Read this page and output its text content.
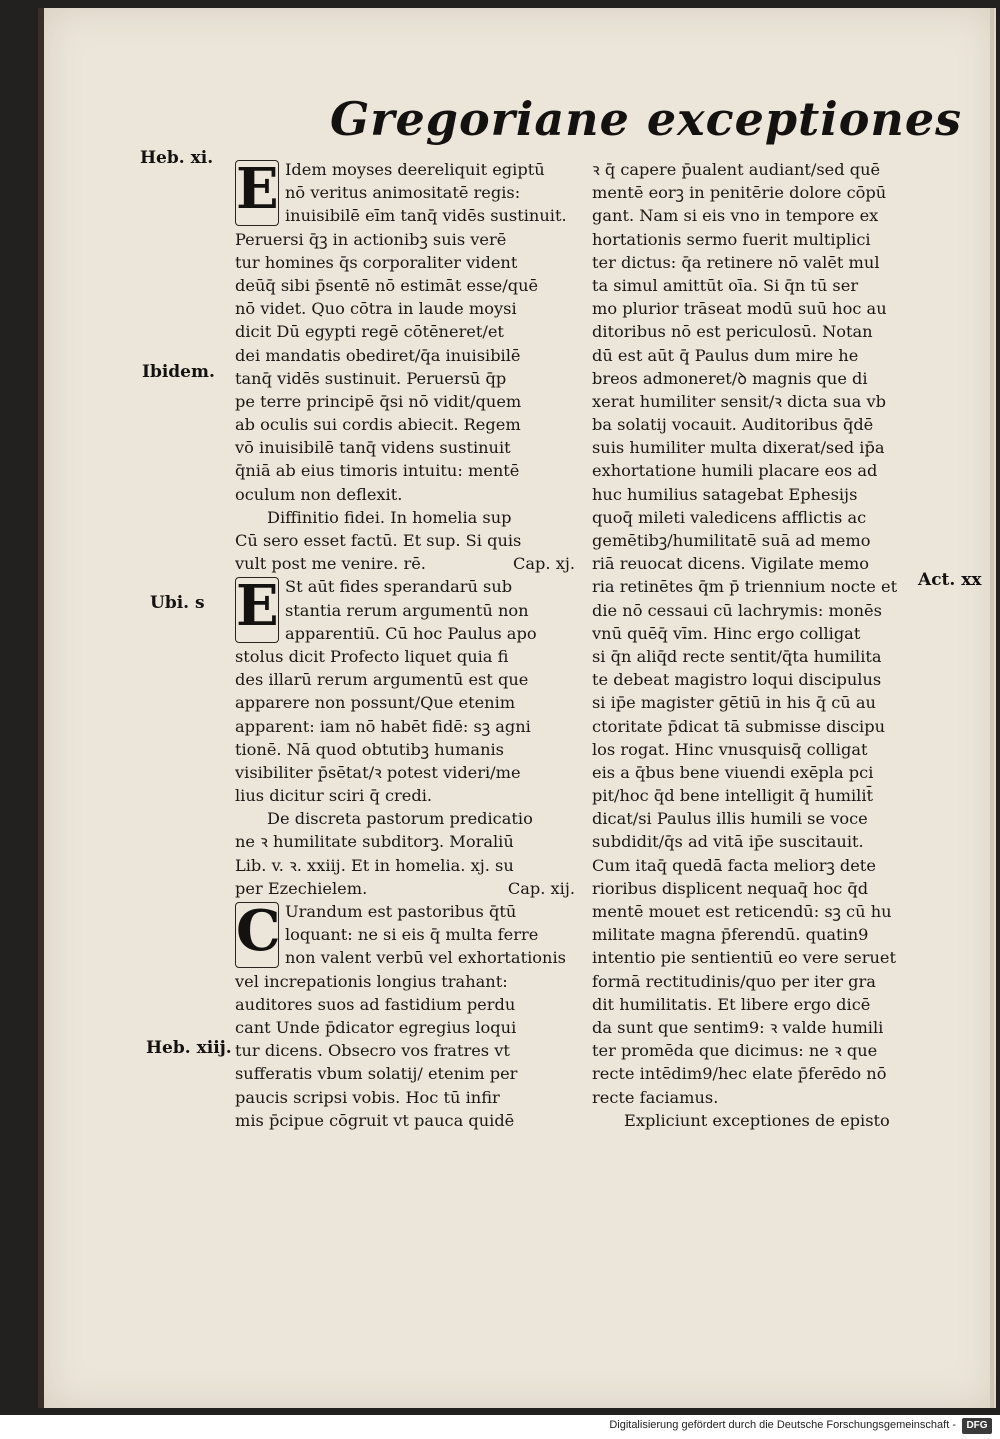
Gregoriane exceptiones
Heb. xi.
Ibidem.
Ubi. s
Heb. xiij.
Act. xx
E Idem moyses deereliquit egiptū
nō veritus animositatē regis:
inuisibilē eīm tanq̄ vidēs sustinuit.
Peruersi q̄ꝫ in actionibꝫ suis verē
tur homines q̄s corporaliter vident
deūq̄ sibi p̄sentē nō estimāt esse/quē
nō videt. Quo cōtra in laude moysi
dicit Dū egypti regē cōtēneret/et
dei mandatis obediret/q̄a inuisibilē
tanq̄ vidēs sustinuit. Peruersū q̄p
pe terre principē q̄si nō vidit/quem
ab oculis sui cordis abiecit. Regem
vō inuisibilē tanq̄ videns sustinuit
q̄niā ab eius timoris intuitu: mentē
oculum non deflexit.
Diffinitio fidei. In homelia sup
Cū sero esset factū. Et sup. Si quis
vult post me venire. rē.	Cap. xj.
E St aūt fides sperandarū sub
stantia rerum argumentū non
apparentiū. Cū hoc Paulus apo
stolus dicit Profecto liquet quia fi
des illarū rerum argumentū est que
apparere non possunt/Que etenim
apparent: iam nō habēt fidē: sꝫ agni
tionē. Nā quod obtutibꝫ humanis
visibiliter p̄sētat/ꝛ potest videri/me
lius dicitur sciri q̄ credi.
De discreta pastorum predicatio
ne ꝛ humilitate subditorꝫ. Moraliū
Lib. v. ꝛ. xxiij. Et in homelia. xj. su
per Ezechielem.	Cap. xij.
C Urandum est pastoribus q̄tū
loquant: ne si eis q̄ multa ferre
non valent verbū vel exhortationis
vel increpationis longius trahant:
auditores suos ad fastidium perdu
cant Unde p̄dicator egregius loqui
tur dicens. Obsecro vos fratres vt
sufferatis vbum solatij/ etenim per
paucis scripsi vobis. Hoc tū infir
mis p̄cipue cōgruit vt pauca quidē
ꝛ q̄ capere p̄ualent audiant/sed quē
mentē eorꝫ in penitērie dolore cōpū
gant. Nam si eis vno in tempore ex
hortationis sermo fuerit multiplici
ter dictus: q̄a retinere nō valēt mul
ta simul amittūt oīa. Si q̄n tū ser
mo plurior trāseat modū suū hoc au
ditoribus nō est periculosū. Notan
dū est aūt q̄ Paulus dum mire he
breos admoneret/ꝺ magnis que di
xerat humiliter sensit/ꝛ dicta sua vb
ba solatij vocauit. Auditoribus q̄dē
suis humiliter multa dixerat/sed ip̄a
exhortatione humili placare eos ad
huc humilius satagebat Ephesijs
quoq̄ mileti valedicens afflictis ac
gemētibꝫ/humilitatē suā ad memo
riā reuocat dicens. Vigilate memo
ria retinētes q̄m p̄ triennium nocte et
die nō cessaui cū lachrymis: monēs
vnū quēq̄ vīm. Hinc ergo colligat
si q̄n aliq̄d recte sentit/q̄ta humilita
te debeat magistro loqui discipulus
si ip̄e magister gētiū in his q̄ cū au
ctoritate p̄dicat tā submisse discipu
los rogat. Hinc vnusquisq̄ colligat
eis a q̄bus bene viuendi exēpla pci
pit/hoc q̄d bene intelligit q̄ humilit̄
dicat/si Paulus illis humili se voce
subdidit/q̄s ad vitā ip̄e suscitauit.
Cum itaq̄ quedā facta meliorꝫ dete
rioribus displicent nequaq̄ hoc q̄d
mentē mouet est reticendū: sꝫ cū hu
militate magna p̄ferendū. quatin9
intentio pie sentientiū eo vere seruet
formā rectitudinis/quo per iter gra
dit humilitatis. Et libere ergo dicē
da sunt que sentim9: ꝛ valde humili
ter promēda que dicimus: ne ꝛ que
recte intēdim9/hec elate p̄ferēdo nō
recte faciamus.
Expliciunt exceptiones de episto
Digitalisierung gefördert durch die Deutsche Forschungsgemeinschaft -	DFG
